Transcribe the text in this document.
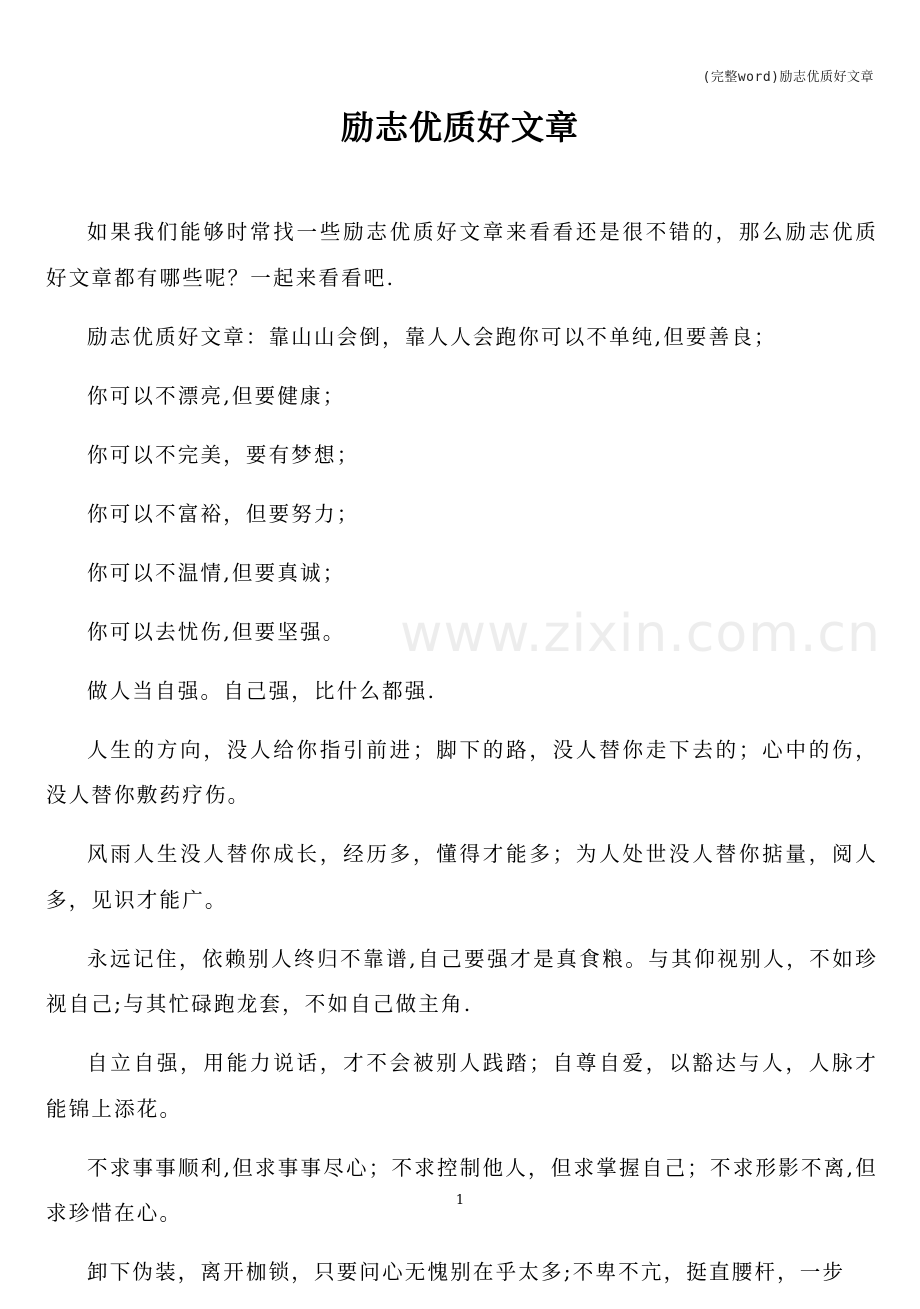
(完整word)励志优质好文章
励志优质好文章

如果我们能够时常找一些励志优质好文章来看看还是很不错的，那么励志优质好文章都有哪些呢？一起来看看吧.

励志优质好文章：靠山山会倒，靠人人会跑你可以不单纯,但要善良；

你可以不漂亮,但要健康；

你可以不完美，要有梦想；

你可以不富裕，但要努力；

你可以不温情,但要真诚；

你可以去忧伤,但要坚强。

做人当自强。自己强，比什么都强.

人生的方向，没人给你指引前进；脚下的路，没人替你走下去的；心中的伤，没人替你敷药疗伤。

风雨人生没人替你成长，经历多，懂得才能多；为人处世没人替你掂量，阅人多，见识才能广。

永远记住，依赖别人终归不靠谱,自己要强才是真食粮。与其仰视别人，不如珍视自己;与其忙碌跑龙套，不如自己做主角.

自立自强，用能力说话，才不会被别人践踏；自尊自爱，以豁达与人，人脉才能锦上添花。

不求事事顺利,但求事事尽心；不求控制他人，但求掌握自己；不求形影不离,但求珍惜在心。

卸下伪装，离开枷锁，只要问心无愧别在乎太多;不卑不亢，挺直腰杆，一步

www.zixin.com.cn
1
